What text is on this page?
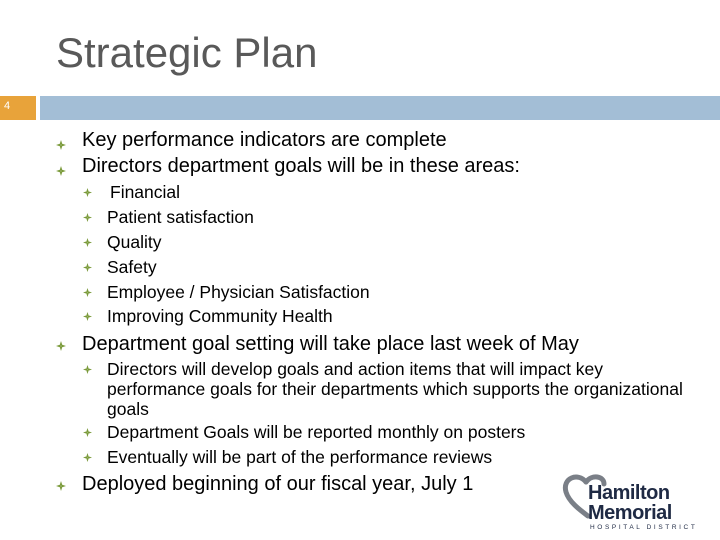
Strategic Plan
4
Key performance indicators are complete
Directors department goals will be in these areas:
Financial
Patient satisfaction
Quality
Safety
Employee / Physician Satisfaction
Improving Community Health
Department goal setting will take place last week of May
Directors will develop goals and action items that will impact key performance goals for their departments which supports the organizational goals
Department Goals will be reported monthly on posters
Eventually will be part of the performance reviews
Deployed beginning of our fiscal year, July 1	Hamilton
Memorial
HOSPITAL DISTRICT
